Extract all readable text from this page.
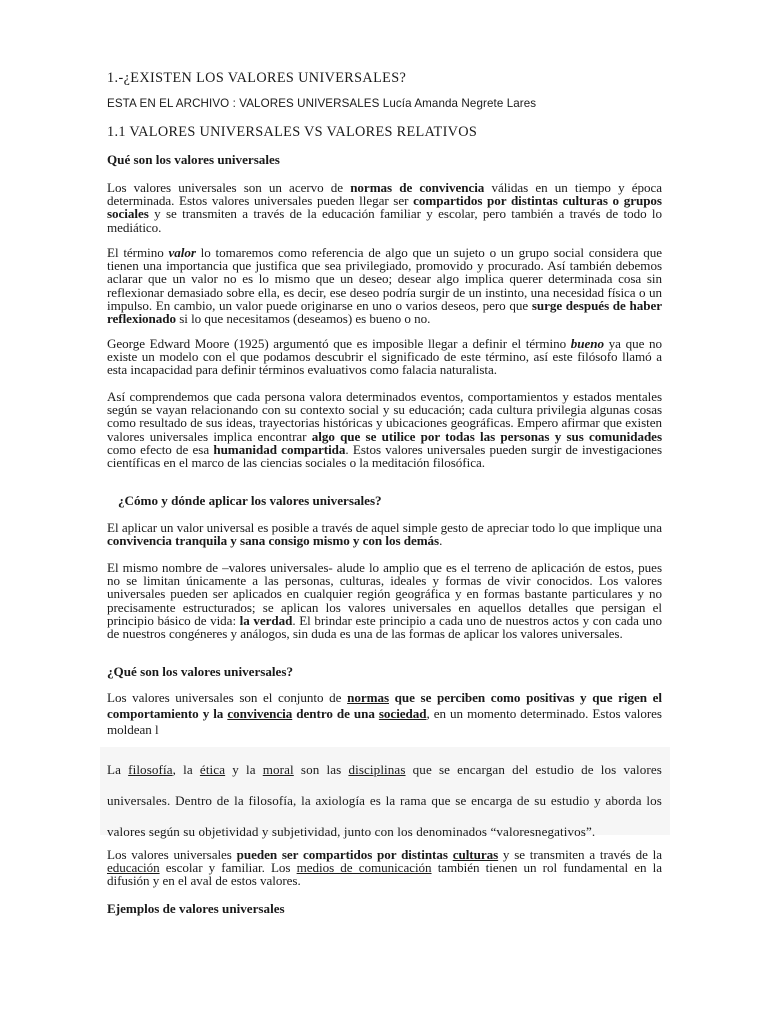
1.-¿EXISTEN LOS VALORES UNIVERSALES?
ESTA EN EL ARCHIVO : VALORES UNIVERSALES Lucía Amanda Negrete Lares
1.1 VALORES UNIVERSALES VS VALORES RELATIVOS
Qué son los valores universales

Los valores universales son un acervo de normas de convivencia válidas en un tiempo y época determinada. Estos valores universales pueden llegar ser compartidos por distintas culturas o grupos sociales y se transmiten a través de la educación familiar y escolar, pero también a través de todo lo mediático.

El término valor lo tomaremos como referencia de algo que un sujeto o un grupo social considera que tienen una importancia que justifica que sea privilegiado, promovido y procurado. Así también debemos aclarar que un valor no es lo mismo que un deseo; desear algo implica querer determinada cosa sin reflexionar demasiado sobre ella, es decir, ese deseo podría surgir de un instinto, una necesidad física o un impulso. En cambio, un valor puede originarse en uno o varios deseos, pero que surge después de haber reflexionado si lo que necesitamos (deseamos) es bueno o no.

George Edward Moore (1925) argumentó que es imposible llegar a definir el término bueno ya que no existe un modelo con el que podamos descubrir el significado de este término, así este filósofo llamó a esta incapacidad para definir términos evaluativos como falacia naturalista.

Así comprendemos que cada persona valora determinados eventos, comportamientos y estados mentales según se vayan relacionando con su contexto social y su educación; cada cultura privilegia algunas cosas como resultado de sus ideas, trayectorias históricas y ubicaciones geográficas. Empero afirmar que existen valores universales implica encontrar algo que se utilice por todas las personas y sus comunidades como efecto de esa humanidad compartida. Estos valores universales pueden surgir de investigaciones científicas en el marco de las ciencias sociales o la meditación filosófica.

¿Cómo y dónde aplicar los valores universales?

El aplicar un valor universal es posible a través de aquel simple gesto de apreciar todo lo que implique una convivencia tranquila y sana consigo mismo y con los demás.

El mismo nombre de –valores universales- alude lo amplio que es el terreno de aplicación de estos, pues no se limitan únicamente a las personas, culturas, ideales y formas de vivir conocidos. Los valores universales pueden ser aplicados en cualquier región geográfica y en formas bastante particulares y no precisamente estructurados; se aplican los valores universales en aquellos detalles que persigan el principio básico de vida: la verdad. El brindar este principio a cada uno de nuestros actos y con cada uno de nuestros congéneres y análogos, sin duda es una de las formas de aplicar los valores universales.

¿Qué son los valores universales?

Los valores universales son el conjunto de normas que se perciben como positivas y que rigen el comportamiento y la convivencia dentro de una sociedad, en un momento determinado. Estos valores moldean l

La filosofía, la ética y la moral son las disciplinas que se encargan del estudio de los valores universales. Dentro de la filosofía, la axiología es la rama que se encarga de su estudio y aborda los valores según su objetividad y subjetividad, junto con los denominados “valoresnegativos”.

Los valores universales pueden ser compartidos por distintas culturas y se transmiten a través de la educación escolar y familiar. Los medios de comunicación también tienen un rol fundamental en la difusión y en el aval de estos valores.

Ejemplos de valores universales
